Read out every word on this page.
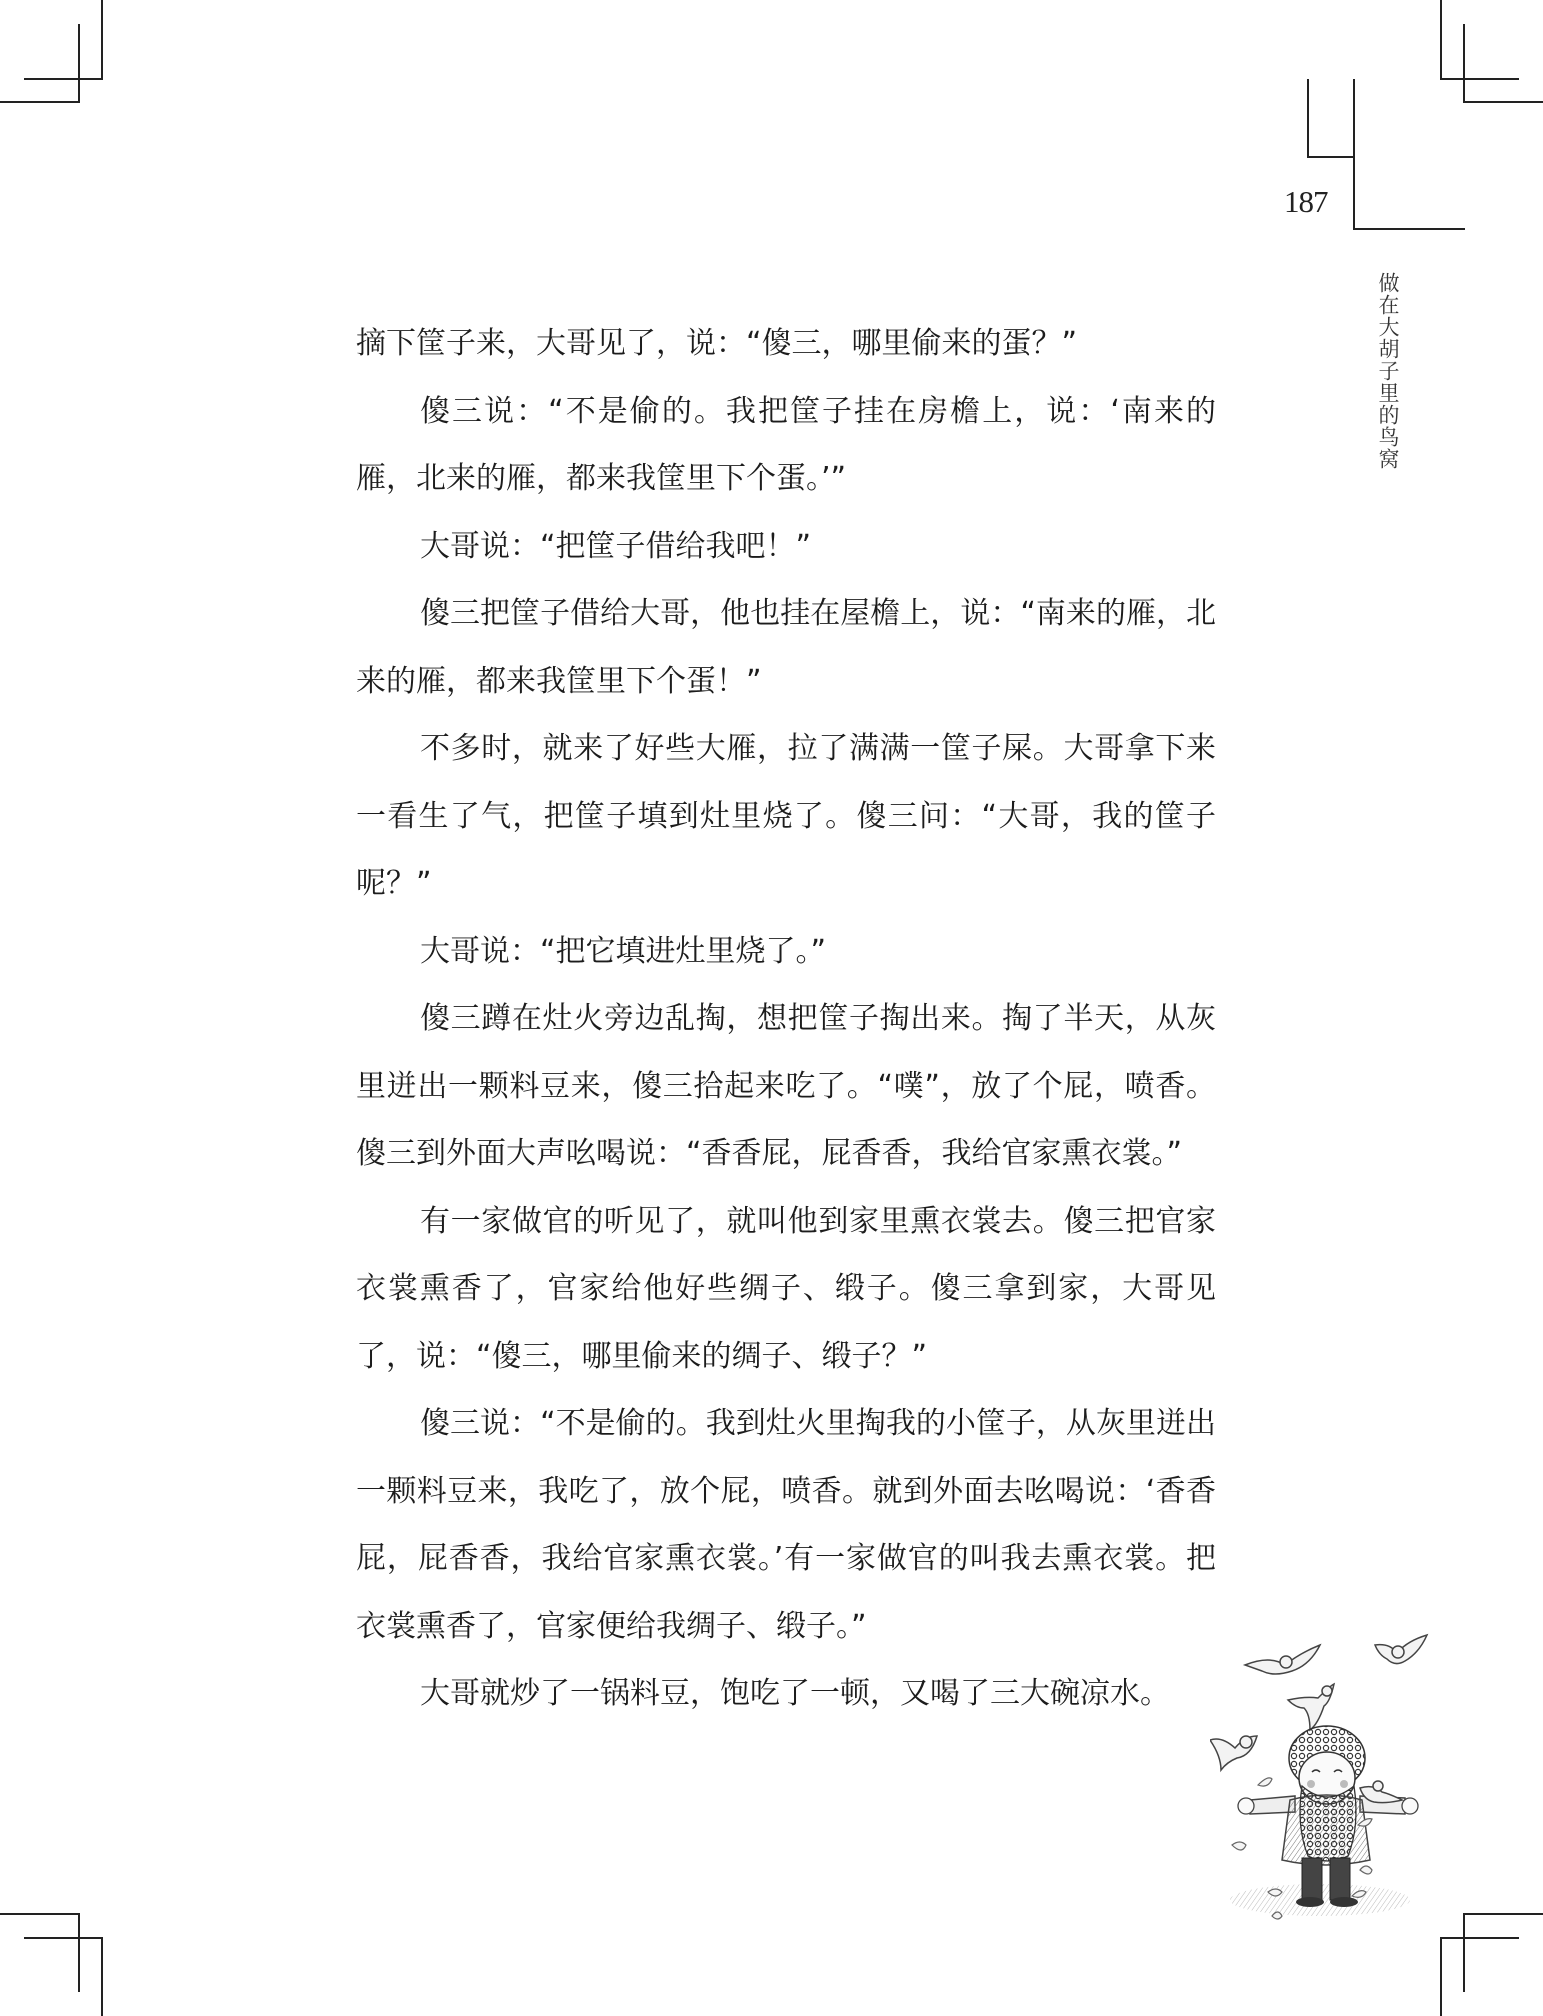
187
做在大胡子里的鸟窝

摘下筐子来，大哥见了，说：“傻三，哪里偷来的蛋？”

傻三说：“不是偷的。我把筐子挂在房檐上，说：‘南来的雁，北来的雁，都来我筐里下个蛋。’”

大哥说：“把筐子借给我吧！”

傻三把筐子借给大哥，他也挂在屋檐上，说：“南来的雁，北来的雁，都来我筐里下个蛋！”

不多时，就来了好些大雁，拉了满满一筐子屎。大哥拿下来一看生了气，把筐子填到灶里烧了。傻三问：“大哥，我的筐子呢？”

大哥说：“把它填进灶里烧了。”

傻三蹲在灶火旁边乱掏，想把筐子掏出来。掏了半天，从灰里迸出一颗料豆来，傻三拾起来吃了。“噗”，放了个屁，喷香。傻三到外面大声吆喝说：“香香屁，屁香香，我给官家熏衣裳。”

有一家做官的听见了，就叫他到家里熏衣裳去。傻三把官家衣裳熏香了，官家给他好些绸子、缎子。傻三拿到家，大哥见了，说：“傻三，哪里偷来的绸子、缎子？”

傻三说：“不是偷的。我到灶火里掏我的小筐子，从灰里迸出一颗料豆来，我吃了，放个屁，喷香。就到外面去吆喝说：‘香香屁，屁香香，我给官家熏衣裳。’有一家做官的叫我去熏衣裳。把衣裳熏香了，官家便给我绸子、缎子。”

大哥就炒了一锅料豆，饱吃了一顿，又喝了三大碗凉水。
